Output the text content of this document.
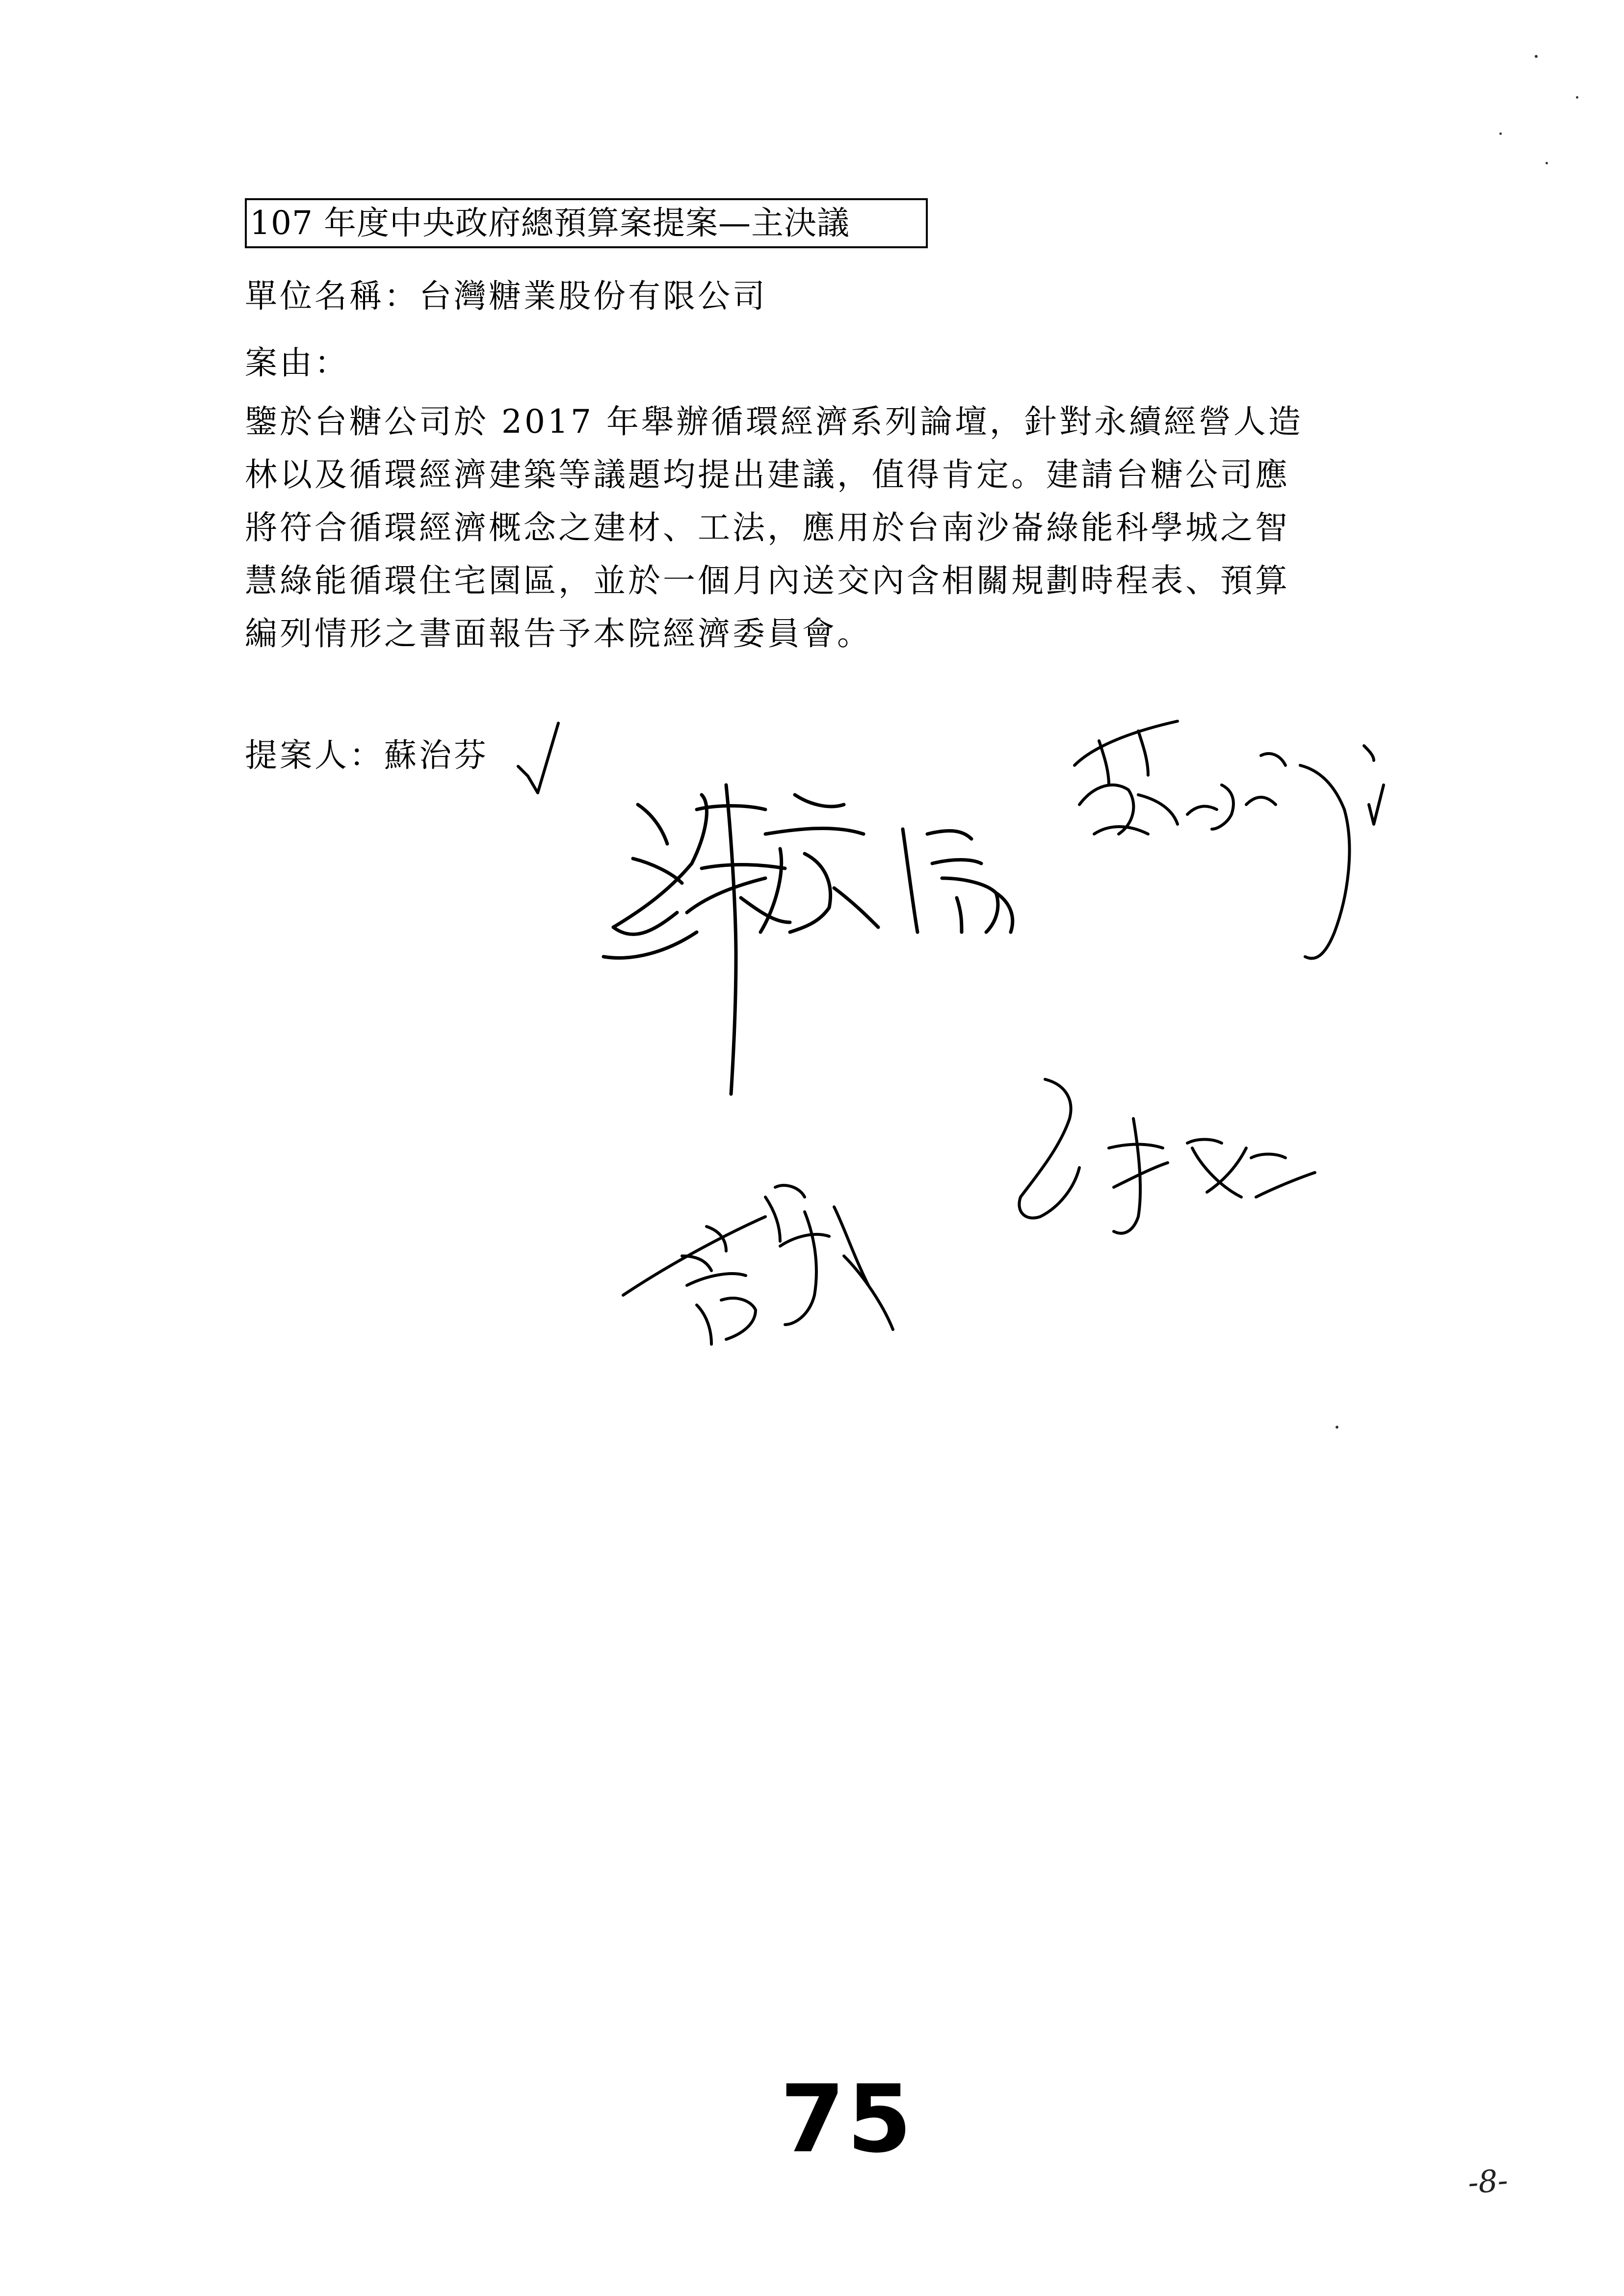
107 年度中央政府總預算案提案—主決議
單位名稱：台灣糖業股份有限公司
案由：
鑒於台糖公司於 2017 年舉辦循環經濟系列論壇，針對永續經營人造
林以及循環經濟建築等議題均提出建議，值得肯定。建請台糖公司應
將符合循環經濟概念之建材、工法，應用於台南沙崙綠能科學城之智
慧綠能循環住宅園區，並於一個月內送交內含相關規劃時程表、預算
編列情形之書面報告予本院經濟委員會。
提案人：蘇治芬
75
-8-
